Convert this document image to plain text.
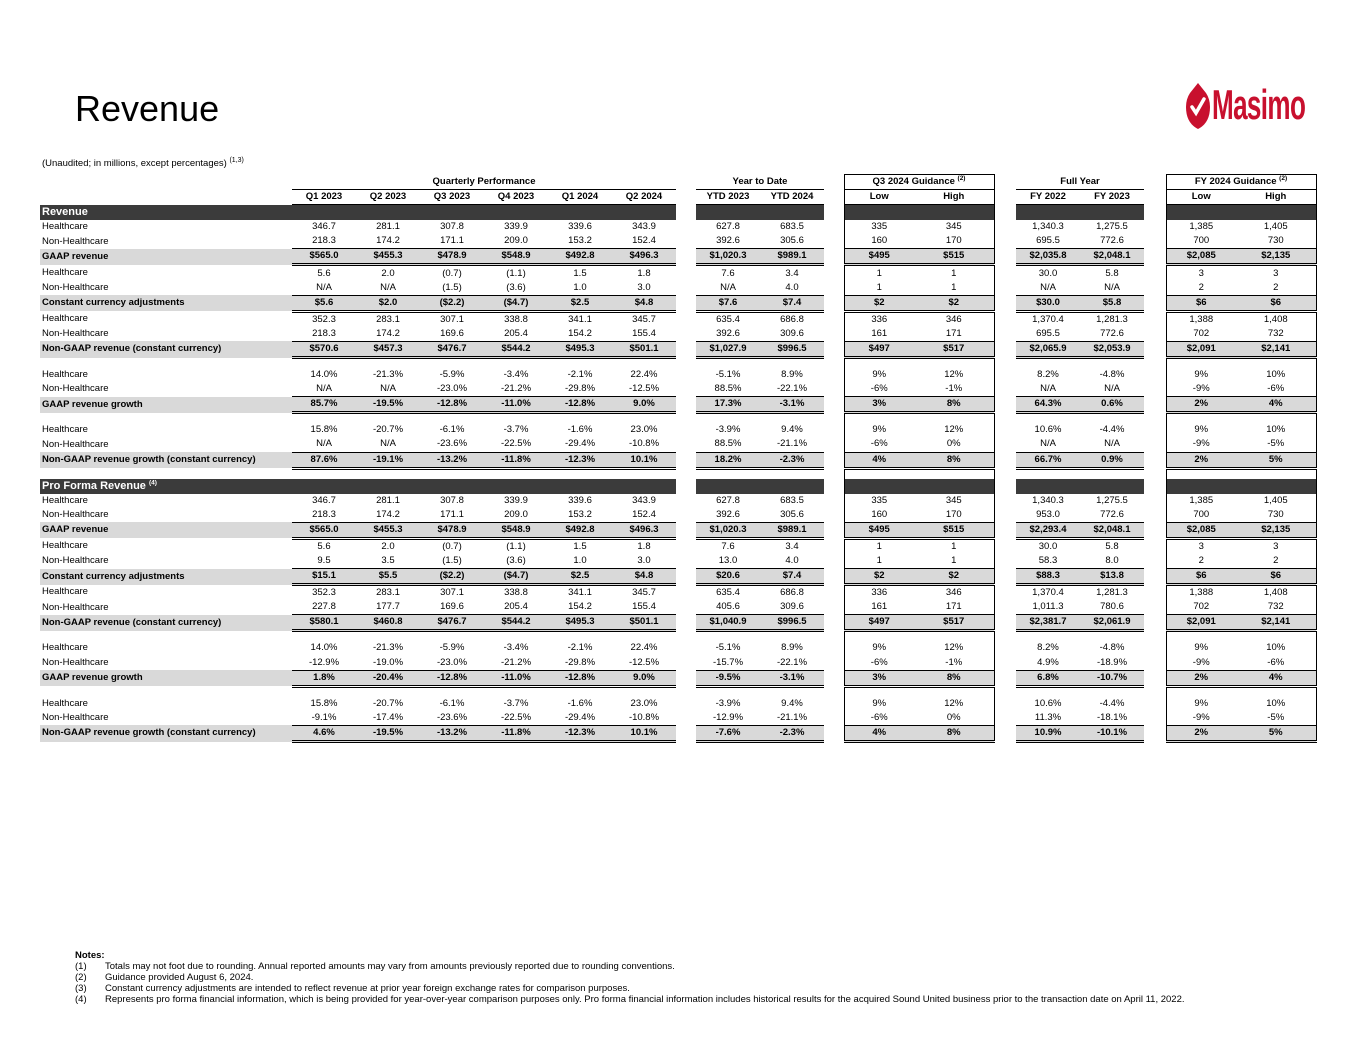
Revenue	Masimo
(Unaudited; in millions, except percentages) $^{(1,3)}$
	Quarterly Performance							Year to Date			Q3 2024 Guidance $^{(2)}$			Full Year			FY 2024 Guidance $^{(2)}$
	Q1 2023	Q2 2023	Q3 2023	Q4 2023	Q1 2024	Q2 2024		YTD 2023	YTD 2024		Low	High		FY 2022	FY 2023		Low	High
Revenue																		
Healthcare	346.7	281.1	307.8	339.9	339.6	343.9		627.8	683.5		335	345		1,340.3	1,275.5		1,385	1,405
Non-Healthcare	218.3	174.2	171.1	209.0	153.2	152.4		392.6	305.6		160	170		695.5	772.6		700	730
GAAP revenue	$565.0	$455.3	$478.9	$548.9	$492.8	$496.3		$1,020.3	$989.1		$495	$515		$2,035.8	$2,048.1		$2,085	$2,135
Healthcare	5.6	2.0	(0.7)	(1.1)	1.5	1.8		7.6	3.4		1	1		30.0	5.8		3	3
Non-Healthcare	N/A	N/A	(1.5)	(3.6)	1.0	3.0		N/A	4.0		1	1		N/A	N/A		2	2
Constant currency adjustments	$5.6	$2.0	($2.2)	($4.7)	$2.5	$4.8		$7.6	$7.4		$2	$2		$30.0	$5.8		$6	$6
Healthcare	352.3	283.1	307.1	338.8	341.1	345.7		635.4	686.8		336	346		1,370.4	1,281.3		1,388	1,408
Non-Healthcare	218.3	174.2	169.6	205.4	154.2	155.4		392.6	309.6		161	171		695.5	772.6		702	732
Non-GAAP revenue (constant currency)	$570.6	$457.3	$476.7	$544.2	$495.3	$501.1		$1,027.9	$996.5		$497	$517		$2,065.9	$2,053.9		$2,091	$2,141

Healthcare	14.0%	-21.3%	-5.9%	-3.4%	-2.1%	22.4%		-5.1%	8.9%		9%	12%		8.2%	-4.8%		9%	10%
Non-Healthcare	N/A	N/A	-23.0%	-21.2%	-29.8%	-12.5%		88.5%	-22.1%		-6%	-1%		N/A	N/A		-9%	-6%
GAAP revenue growth	85.7%	-19.5%	-12.8%	-11.0%	-12.8%	9.0%		17.3%	-3.1%		3%	8%		64.3%	0.6%		2%	4%

Healthcare	15.8%	-20.7%	-6.1%	-3.7%	-1.6%	23.0%		-3.9%	9.4%		9%	12%		10.6%	-4.4%		9%	10%
Non-Healthcare	N/A	N/A	-23.6%	-22.5%	-29.4%	-10.8%		88.5%	-21.1%		-6%	0%		N/A	N/A		-9%	-5%
Non-GAAP revenue growth (constant currency)	87.6%	-19.1%	-13.2%	-11.8%	-12.3%	10.1%		18.2%	-2.3%		4%	8%		66.7%	0.9%		2%	5%

Pro Forma Revenue $^{(4)}$																		
Healthcare	346.7	281.1	307.8	339.9	339.6	343.9		627.8	683.5		335	345		1,340.3	1,275.5		1,385	1,405
Non-Healthcare	218.3	174.2	171.1	209.0	153.2	152.4		392.6	305.6		160	170		953.0	772.6		700	730
GAAP revenue	$565.0	$455.3	$478.9	$548.9	$492.8	$496.3		$1,020.3	$989.1		$495	$515		$2,293.4	$2,048.1		$2,085	$2,135
Healthcare	5.6	2.0	(0.7)	(1.1)	1.5	1.8		7.6	3.4		1	1		30.0	5.8		3	3
Non-Healthcare	9.5	3.5	(1.5)	(3.6)	1.0	3.0		13.0	4.0		1	1		58.3	8.0		2	2
Constant currency adjustments	$15.1	$5.5	($2.2)	($4.7)	$2.5	$4.8		$20.6	$7.4		$2	$2		$88.3	$13.8		$6	$6
Healthcare	352.3	283.1	307.1	338.8	341.1	345.7		635.4	686.8		336	346		1,370.4	1,281.3		1,388	1,408
Non-Healthcare	227.8	177.7	169.6	205.4	154.2	155.4		405.6	309.6		161	171		1,011.3	780.6		702	732
Non-GAAP revenue (constant currency)	$580.1	$460.8	$476.7	$544.2	$495.3	$501.1		$1,040.9	$996.5		$497	$517		$2,381.7	$2,061.9		$2,091	$2,141

Healthcare	14.0%	-21.3%	-5.9%	-3.4%	-2.1%	22.4%		-5.1%	8.9%		9%	12%		8.2%	-4.8%		9%	10%
Non-Healthcare	-12.9%	-19.0%	-23.0%	-21.2%	-29.8%	-12.5%		-15.7%	-22.1%		-6%	-1%		4.9%	-18.9%		-9%	-6%
GAAP revenue growth	1.8%	-20.4%	-12.8%	-11.0%	-12.8%	9.0%		-9.5%	-3.1%		3%	8%		6.8%	-10.7%		2%	4%

Healthcare	15.8%	-20.7%	-6.1%	-3.7%	-1.6%	23.0%		-3.9%	9.4%		9%	12%		10.6%	-4.4%		9%	10%
Non-Healthcare	-9.1%	-17.4%	-23.6%	-22.5%	-29.4%	-10.8%		-12.9%	-21.1%		-6%	0%		11.3%	-18.1%		-9%	-5%
Non-GAAP revenue growth (constant currency)	4.6%	-19.5%	-13.2%	-11.8%	-12.3%	10.1%		-7.6%	-2.3%		4%	8%		10.9%	-10.1%		2%	5%
Notes:
(1)	Totals may not foot due to rounding. Annual reported amounts may vary from amounts previously reported due to rounding conventions.
(2)	Guidance provided August 6, 2024.
(3)	Constant currency adjustments are intended to reflect revenue at prior year foreign exchange rates for comparison purposes.
(4)	Represents pro forma financial information, which is being provided for year-over-year comparison purposes only. Pro forma financial information includes historical results for the acquired Sound United business prior to the transaction date on April 11, 2022.
